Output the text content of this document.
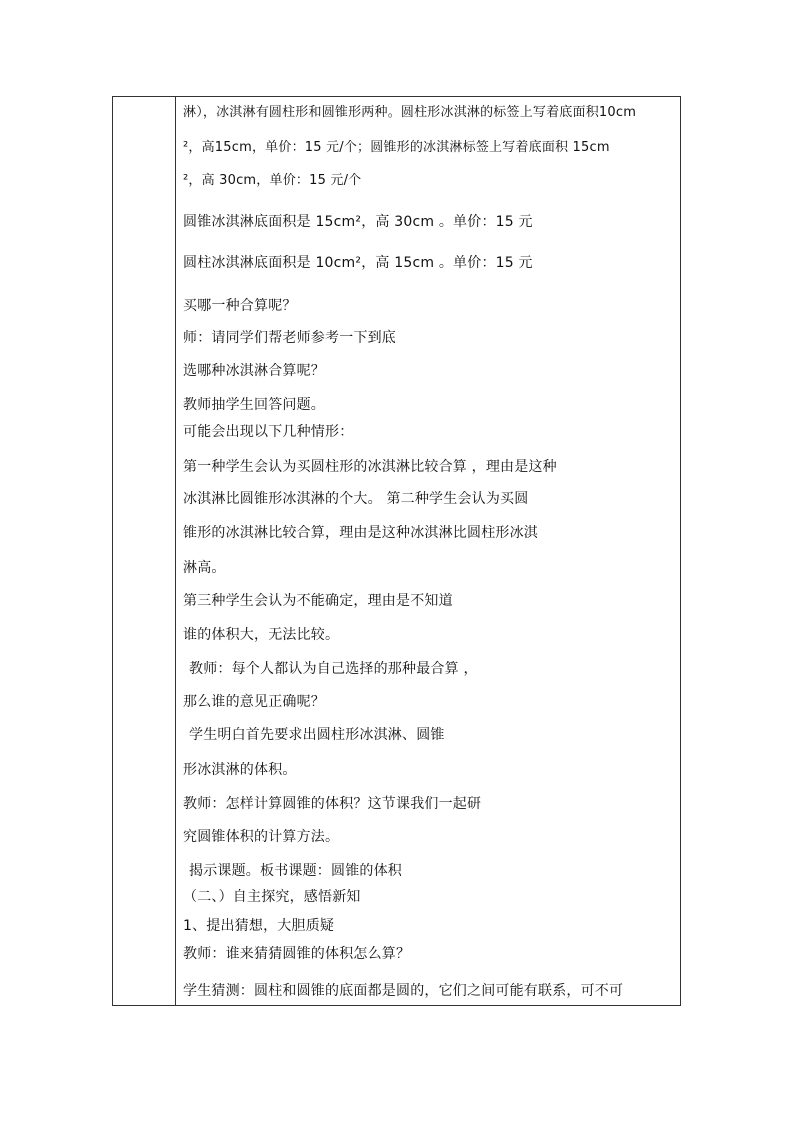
淋），冰淇淋有圆柱形和圆锥形两种。圆柱形冰淇淋的标签上写着底面积10cm
²，高15cm，单价：15 元/个；圆锥形的冰淇淋标签上写着底面积 15cm
²，高 30cm，单价：15 元/个
圆锥冰淇淋底面积是 15cm²，高 30cm 。单价：15 元
圆柱冰淇淋底面积是 10cm²，高 15cm 。单价：15 元
买哪一种合算呢？
师：请同学们帮老师参考一下到底
选哪种冰淇淋合算呢？
教师抽学生回答问题。
可能会出现以下几种情形：
第一种学生会认为买圆柱形的冰淇淋比较合算 ，理由是这种
冰淇淋比圆锥形冰淇淋的个大。 第二种学生会认为买圆
锥形的冰淇淋比较合算，理由是这种冰淇淋比圆柱形冰淇
淋高。
第三种学生会认为不能确定，理由是不知道
谁的体积大，无法比较。
教师：每个人都认为自己选择的那种最合算 ，
那么谁的意见正确呢？
学生明白首先要求出圆柱形冰淇淋、圆锥
形冰淇淋的体积。
教师：怎样计算圆锥的体积？这节课我们一起研
究圆锥体积的计算方法。
揭示课题。板书课题：圆锥的体积
（二、）自主探究，感悟新知
1、提出猜想，大胆质疑
教师：谁来猜猜圆锥的体积怎么算？
学生猜测：圆柱和圆锥的底面都是圆的，它们之间可能有联系，可不可
